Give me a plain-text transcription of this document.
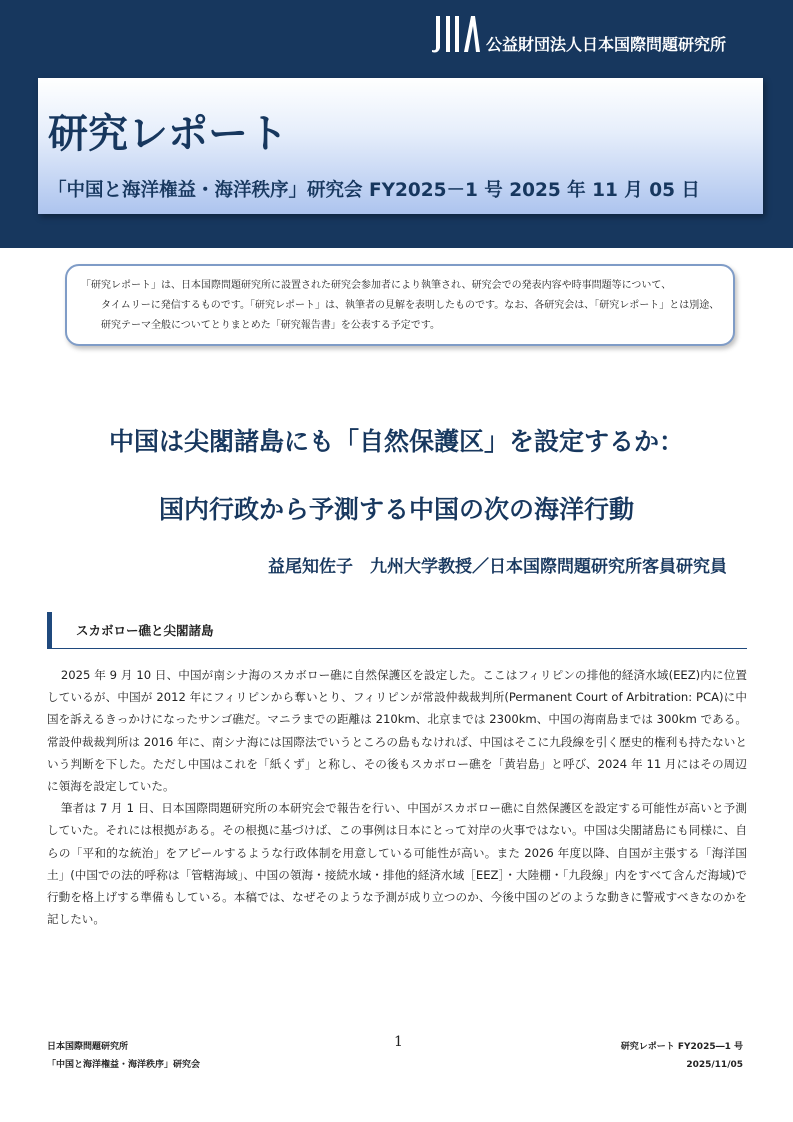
公益財団法人日本国際問題研究所
研究レポート
「中国と海洋権益・海洋秩序」研究会 FY2025－1 号 2025 年 11 月 05 日
「研究レポート」は、日本国際問題研究所に設置された研究会参加者により執筆され、研究会での発表内容や時事問題等について、
タイムリーに発信するものです。「研究レポート」は、執筆者の見解を表明したものです。なお、各研究会は、「研究レポート」とは別途、
研究テーマ全般についてとりまとめた「研究報告書」を公表する予定です。
中国は尖閣諸島にも「自然保護区」を設定するか：
国内行政から予測する中国の次の海洋行動
益尾知佐子　九州大学教授／日本国際問題研究所客員研究員
スカボロー礁と尖閣諸島

2025 年 9 月 10 日、中国が南シナ海のスカボロー礁に自然保護区を設定した。ここはフィリピンの排他的経済水域(EEZ)内に位置しているが、中国が 2012 年にフィリピンから奪いとり、フィリピンが常設仲裁裁判所(Permanent Court of Arbitration: PCA)に中国を訴えるきっかけになったサンゴ礁だ。マニラまでの距離は 210km、北京までは 2300km、中国の海南島までは 300km である。常設仲裁裁判所は 2016 年に、南シナ海には国際法でいうところの島もなければ、中国はそこに九段線を引く歴史的権利も持たないという判断を下した。ただし中国はこれを「紙くず」と称し、その後もスカボロー礁を「黄岩島」と呼び、2024 年 11 月にはその周辺に領海を設定していた。

筆者は 7 月 1 日、日本国際問題研究所の本研究会で報告を行い、中国がスカボロー礁に自然保護区を設定する可能性が高いと予測していた。それには根拠がある。その根拠に基づけば、この事例は日本にとって対岸の火事ではない。中国は尖閣諸島にも同様に、自らの「平和的な統治」をアピールするような行政体制を用意している可能性が高い。また 2026 年度以降、自国が主張する「海洋国土」(中国での法的呼称は「管轄海域」、中国の領海・接続水域・排他的経済水域［EEZ］・大陸棚・「九段線」内をすべて含んだ海域)で行動を格上げする準備もしている。本稿では、なぜそのような予測が成り立つのか、今後中国のどのような動きに警戒すべきなのかを記したい。

日本国際問題研究所
「中国と海洋権益・海洋秩序」研究会
1	研究レポート FY2025―1 号
2025/11/05
